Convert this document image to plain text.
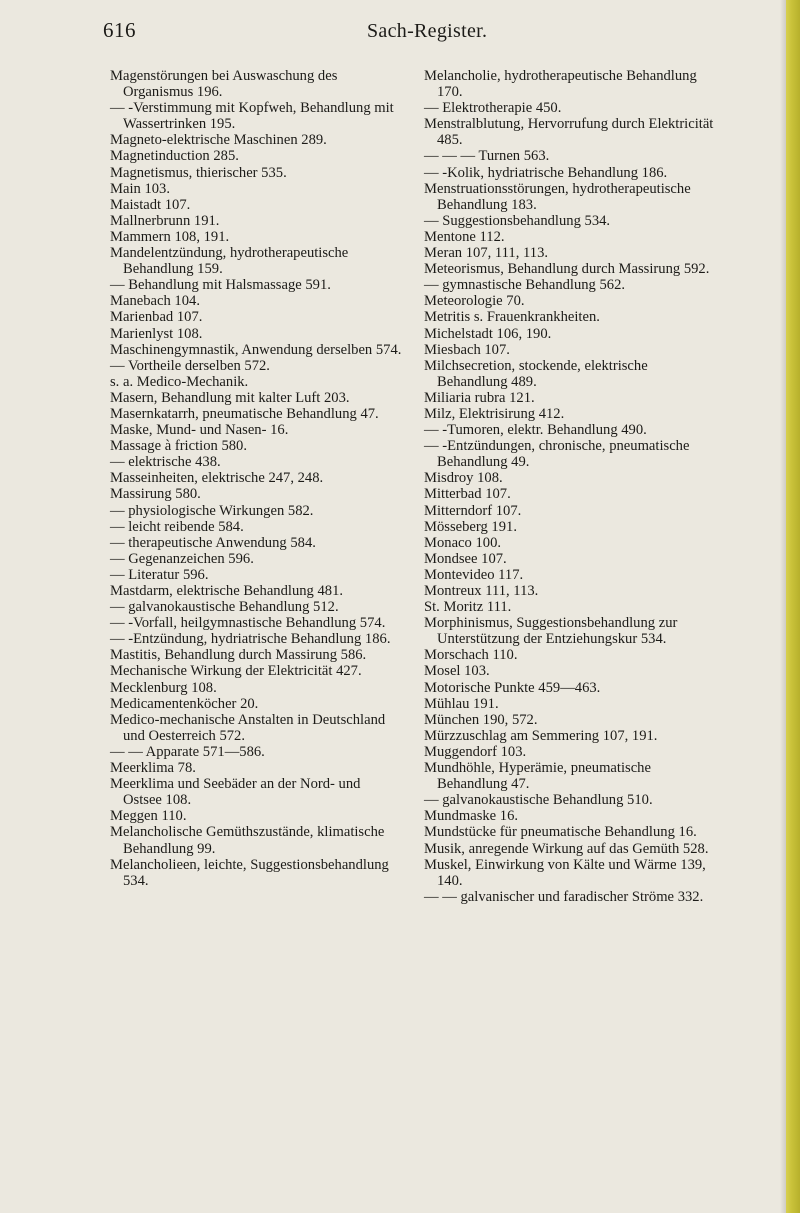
616	Sach-Register.

Magenstörungen bei Auswaschung des Organismus 196.

— -Verstimmung mit Kopfweh, Behandlung mit Wassertrinken 195.

Magneto-elektrische Maschinen 289.

Magnetinduction 285.

Magnetismus, thierischer 535.

Main 103.

Maistadt 107.

Mallnerbrunn 191.

Mammern 108, 191.

Mandelentzündung, hydrotherapeutische Behandlung 159.

— Behandlung mit Halsmassage 591.

Manebach 104.

Marienbad 107.

Marienlyst 108.

Maschinengymnastik, Anwendung derselben 574.

— Vortheile derselben 572.

s. a. Medico-Mechanik.

Masern, Behandlung mit kalter Luft 203.

Masernkatarrh, pneumatische Behandlung 47.

Maske, Mund- und Nasen- 16.

Massage à friction 580.

— elektrische 438.

Masseinheiten, elektrische 247, 248.

Massirung 580.

— physiologische Wirkungen 582.

— leicht reibende 584.

— therapeutische Anwendung 584.

— Gegenanzeichen 596.

— Literatur 596.

Mastdarm, elektrische Behandlung 481.

— galvanokaustische Behandlung 512.

— -Vorfall, heilgymnastische Behandlung 574.

— -Entzündung, hydriatrische Behandlung 186.

Mastitis, Behandlung durch Massirung 586.

Mechanische Wirkung der Elektricität 427.

Mecklenburg 108.

Medicamentenköcher 20.

Medico-mechanische Anstalten in Deutschland und Oesterreich 572.

— — Apparate 571—586.

Meerklima 78.

Meerklima und Seebäder an der Nord- und Ostsee 108.

Meggen 110.

Melancholische Gemüthszustände, klimatische Behandlung 99.

Melancholieen, leichte, Suggestionsbehandlung 534.

Melancholie, hydrotherapeutische Behandlung 170.

— Elektrotherapie 450.

Menstralblutung, Hervorrufung durch Elektricität 485.

— — — Turnen 563.

— -Kolik, hydriatrische Behandlung 186.

Menstruationsstörungen, hydrotherapeutische Behandlung 183.

— Suggestionsbehandlung 534.

Mentone 112.

Meran 107, 111, 113.

Meteorismus, Behandlung durch Massirung 592.

— gymnastische Behandlung 562.

Meteorologie 70.

Metritis s. Frauenkrankheiten.

Michelstadt 106, 190.

Miesbach 107.

Milchsecretion, stockende, elektrische Behandlung 489.

Miliaria rubra 121.

Milz, Elektrisirung 412.

— -Tumoren, elektr. Behandlung 490.

— -Entzündungen, chronische, pneumatische Behandlung 49.

Misdroy 108.

Mitterbad 107.

Mitterndorf 107.

Mösseberg 191.

Monaco 100.

Mondsee 107.

Montevideo 117.

Montreux 111, 113.

St. Moritz 111.

Morphinismus, Suggestionsbehandlung zur Unterstützung der Entziehungskur 534.

Morschach 110.

Mosel 103.

Motorische Punkte 459—463.

Mühlau 191.

München 190, 572.

Mürzzuschlag am Semmering 107, 191.

Muggendorf 103.

Mundhöhle, Hyperämie, pneumatische Behandlung 47.

— galvanokaustische Behandlung 510.

Mundmaske 16.

Mundstücke für pneumatische Behandlung 16.

Musik, anregende Wirkung auf das Gemüth 528.

Muskel, Einwirkung von Kälte und Wärme 139, 140.

— — galvanischer und faradischer Ströme 332.
